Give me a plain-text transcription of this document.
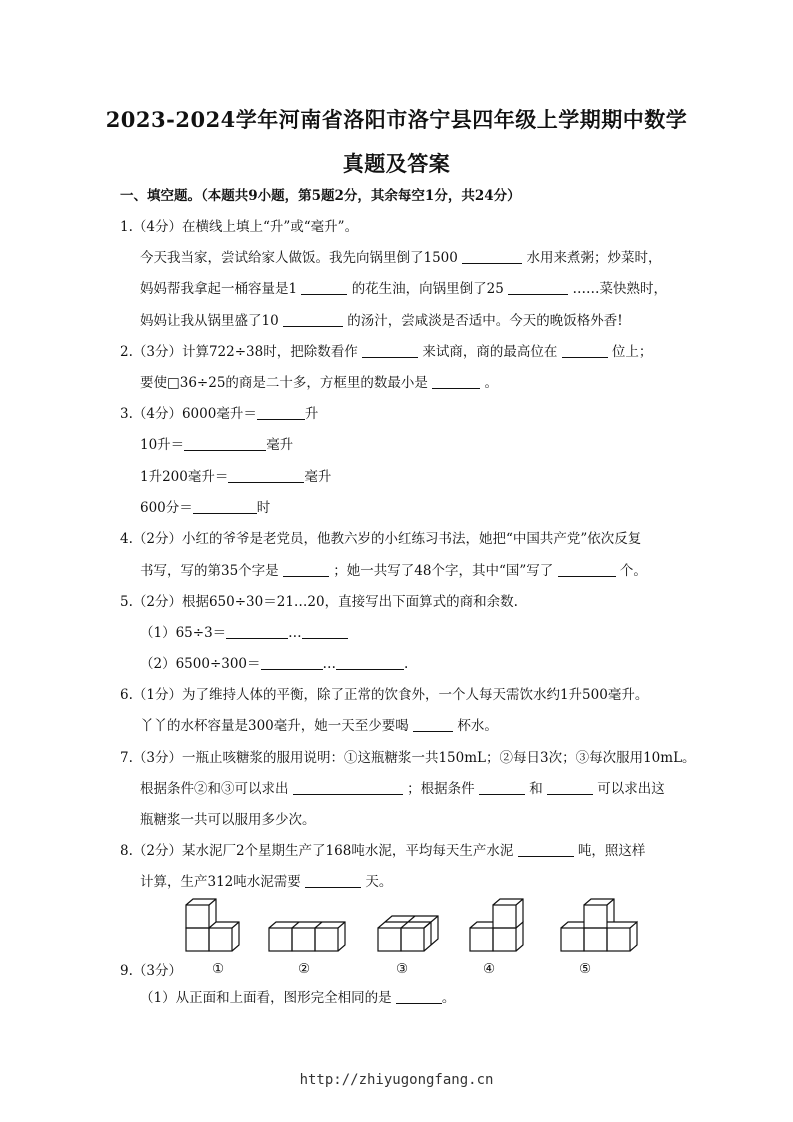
2023-2024学年河南省洛阳市洛宁县四年级上学期期中数学
真题及答案
一、填空题。（本题共9小题，第5题2分，其余每空1分，共24分）
1.（4分）在横线上填上“升”或“毫升”。
今天我当家，尝试给家人做饭。我先向锅里倒了1500	水用来煮粥；炒菜时，
妈妈帮我拿起一桶容量是1	的花生油，向锅里倒了25	……菜快熟时，
妈妈让我从锅里盛了10	的汤汁，尝咸淡是否适中。今天的晚饭格外香!
2.（3分）计算722÷38时，把除数看作	来试商，商的最高位在	位上；
要使□36÷25的商是二十多，方框里的数最小是	。
3.（4分）6000毫升＝	升
10升＝	毫升
1升200毫升＝	毫升
600分＝	时
4.（2分）小红的爷爷是老党员，他教六岁的小红练习书法，她把“中国共产党”依次反复
书写，写的第35个字是	；她一共写了48个字，其中“国”写了	个。
5.（2分）根据650÷30＝21…20，直接写出下面算式的商和余数.
（1）65÷3＝	…
（2）6500÷300＝	…	.
6.（1分）为了维持人体的平衡，除了正常的饮食外，一个人每天需饮水约1升500毫升。
丫丫的水杯容量是300毫升，她一天至少要喝	杯水。
7.（3分）一瓶止咳糖浆的服用说明：①这瓶糖浆一共150mL；②每日3次；③每次服用10mL。
根据条件②和③可以求出	；根据条件	和	可以求出这
瓶糖浆一共可以服用多少次。
8.（2分）某水泥厂2个星期生产了168吨水泥，平均每天生产水泥	吨，照这样
计算，生产312吨水泥需要	天。
9.（3分） ①	②	③	④	⑤
（1）从正面和上面看，图形完全相同的是	。
http://zhiyugongfang.cn
